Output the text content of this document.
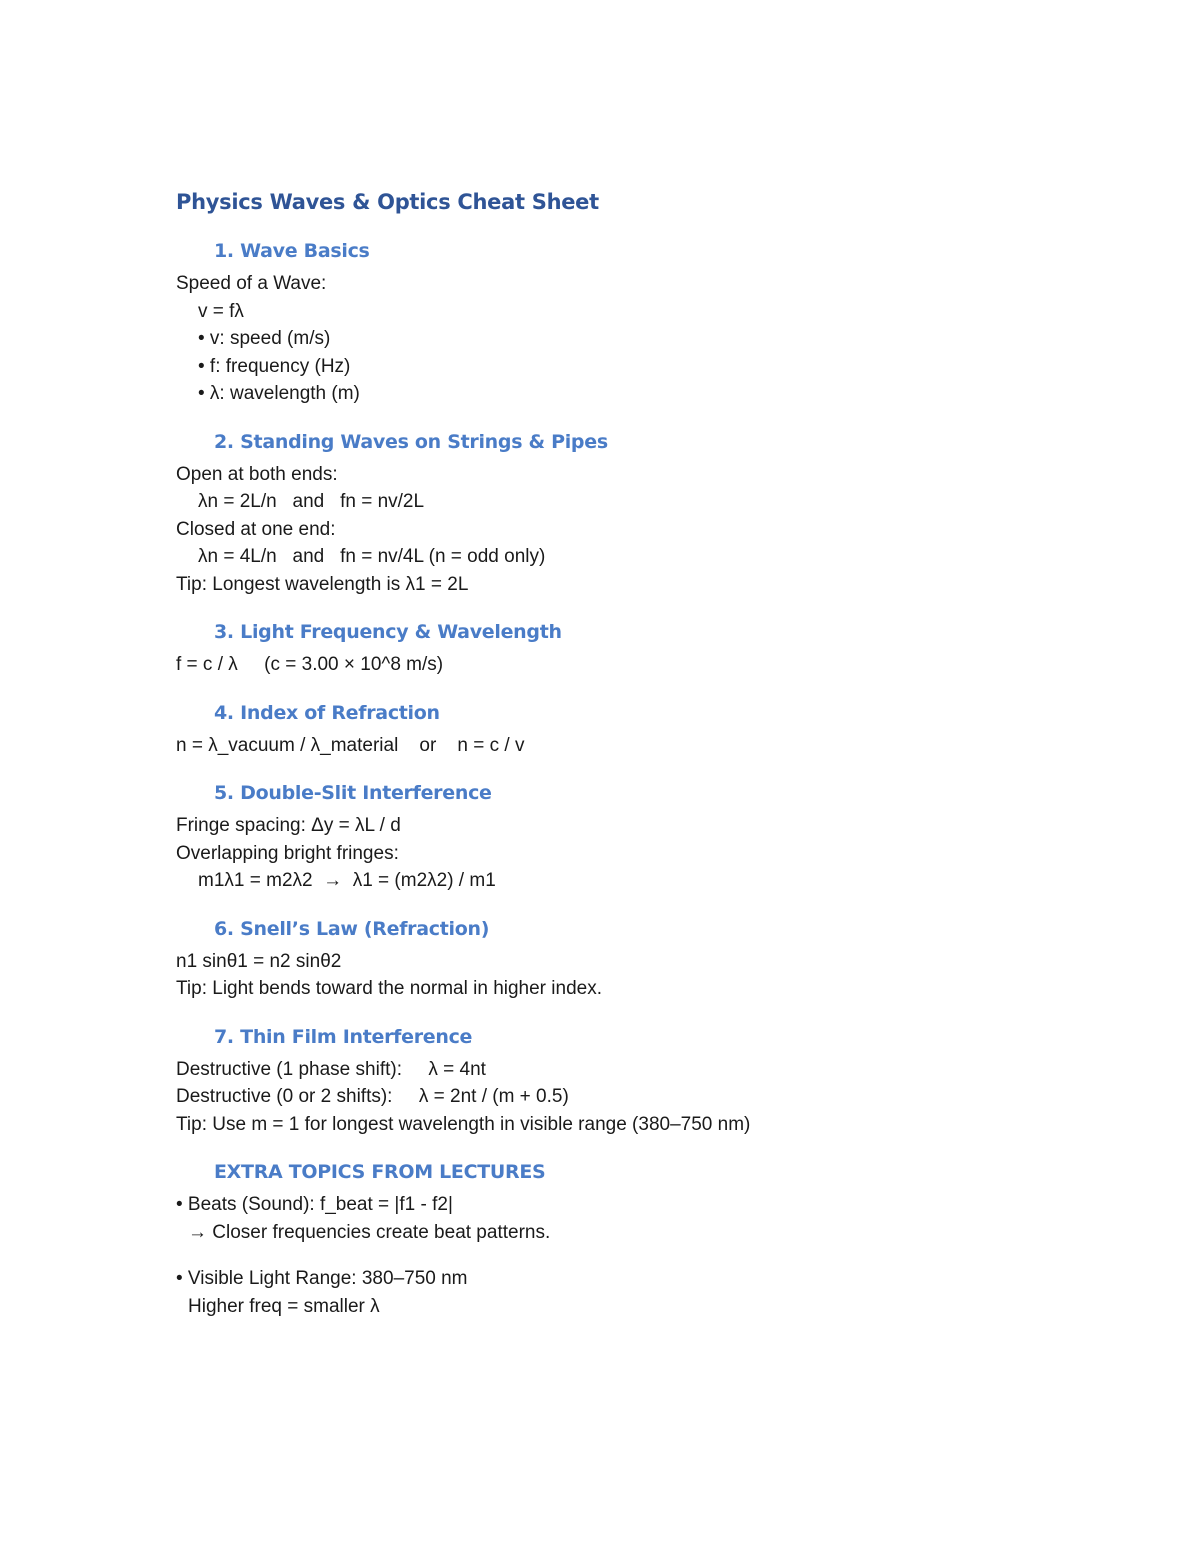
Physics Waves & Optics Cheat Sheet
1. Wave Basics

Speed of a Wave:

v = fλ

• v: speed (m/s)

• f: frequency (Hz)

• λ: wavelength (m)

2. Standing Waves on Strings & Pipes

Open at both ends:

λn = 2L/n   and   fn = nv/2L

Closed at one end:

λn = 4L/n   and   fn = nv/4L (n = odd only)

Tip: Longest wavelength is λ1 = 2L

3. Light Frequency & Wavelength

f = c / λ     (c = 3.00 × 10^8 m/s)

4. Index of Refraction

n = λ_vacuum / λ_material    or    n = c / v

5. Double-Slit Interference

Fringe spacing: Δy = λL / d

Overlapping bright fringes:

m1λ1 = m2λ2  →  λ1 = (m2λ2) / m1

6. Snell’s Law (Refraction)

n1 sinθ1 = n2 sinθ2

Tip: Light bends toward the normal in higher index.

7. Thin Film Interference

Destructive (1 phase shift):     λ = 4nt

Destructive (0 or 2 shifts):     λ = 2nt / (m + 0.5)

Tip: Use m = 1 for longest wavelength in visible range (380–750 nm)

EXTRA TOPICS FROM LECTURES

• Beats (Sound): f_beat = |f1 - f2|

→ Closer frequencies create beat patterns.

• Visible Light Range: 380–750 nm

Higher freq = smaller λ
